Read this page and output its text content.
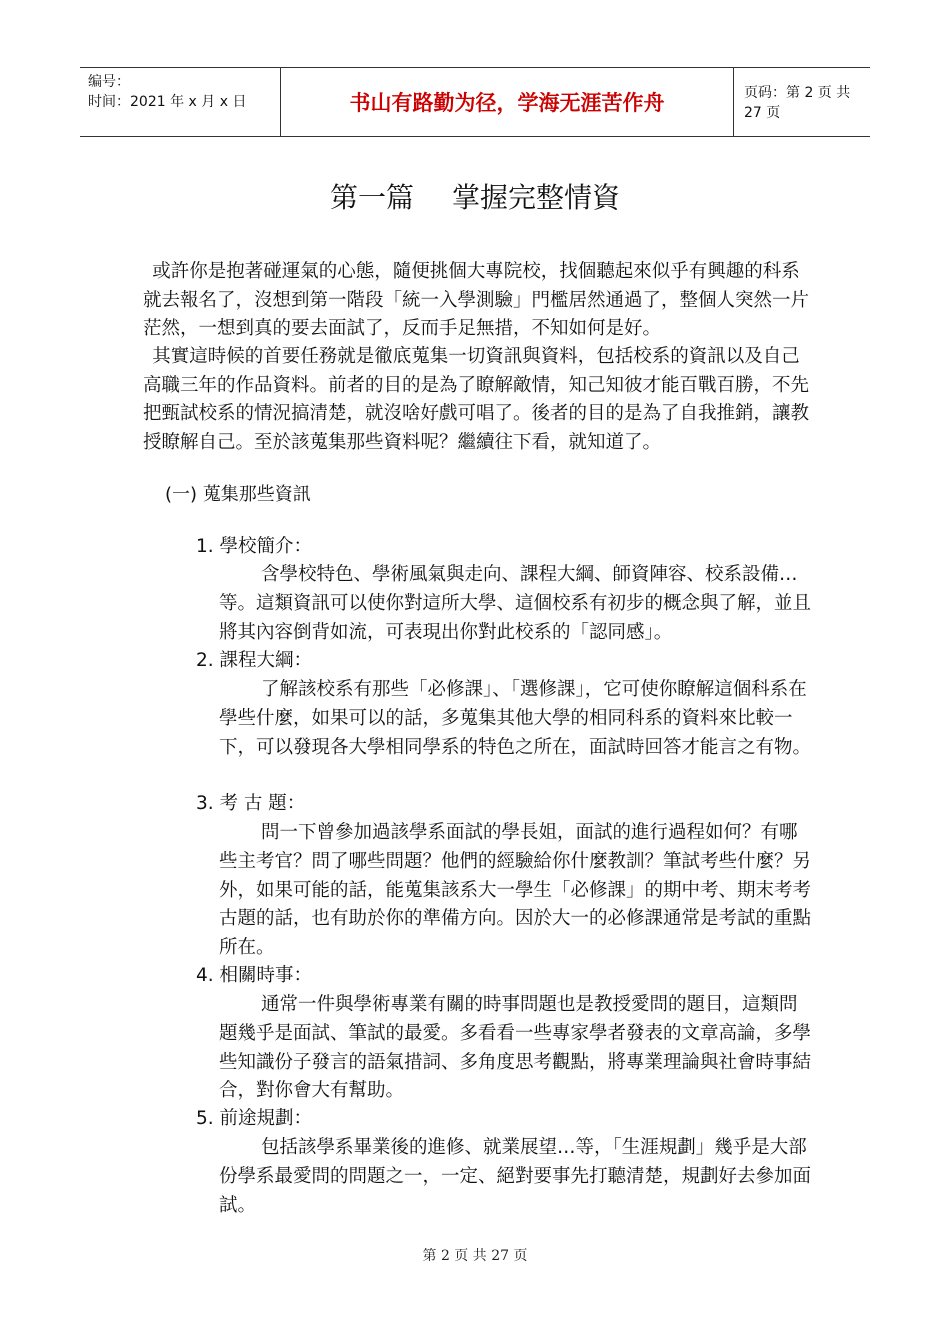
编号：
时间：2021 年 x 月 x 日	书山有路勤为径，学海无涯苦作舟	页码：第 2 页 共 27 页
第一篇 掌握完整情資

 或許你是抱著碰運氣的心態，隨便挑個大專院校，找個聽起來似乎有興趣的科系就去報名了，沒想到第一階段「統一入學測驗」門檻居然通過了，整個人突然一片茫然，一想到真的要去面試了，反而手足無措，不知如何是好。

 其實這時候的首要任務就是徹底蒐集一切資訊與資料，包括校系的資訊以及自己高職三年的作品資料。前者的目的是為了瞭解敵情，知己知彼才能百戰百勝，不先把甄試校系的情況搞清楚，就沒啥好戲可唱了。後者的目的是為了自我推銷，讓教授瞭解自己。至於該蒐集那些資料呢？繼續往下看，就知道了。

(一) 蒐集那些資訊
1. 學校簡介：

含學校特色、學術風氣與走向、課程大綱、師資陣容、校系設備…等。這類資訊可以使你對這所大學、這個校系有初步的概念與了解，並且將其內容倒背如流，可表現出你對此校系的「認同感」。

2. 課程大綱：

了解該校系有那些「必修課」、「選修課」，它可使你瞭解這個科系在學些什麼，如果可以的話，多蒐集其他大學的相同科系的資料來比較一下，可以發現各大學相同學系的特色之所在，面試時回答才能言之有物。

3. 考 古 題：

問一下曾參加過該學系面試的學長姐，面試的進行過程如何？有哪些主考官？問了哪些問題？他們的經驗給你什麼教訓？筆試考些什麼？另外，如果可能的話，能蒐集該系大一學生「必修課」的期中考、期末考考古題的話，也有助於你的準備方向。因於大一的必修課通常是考試的重點所在。

4. 相關時事：

通常一件與學術專業有關的時事問題也是教授愛問的題目，這類問題幾乎是面試、筆試的最愛。多看看一些專家學者發表的文章高論，多學些知識份子發言的語氣措詞、多角度思考觀點，將專業理論與社會時事結合，對你會大有幫助。

5. 前途規劃：

包括該學系畢業後的進修、就業展望…等，「生涯規劃」幾乎是大部份學系最愛問的問題之一，一定、絕對要事先打聽清楚，規劃好去參加面試。

第 2 页 共 27 页
